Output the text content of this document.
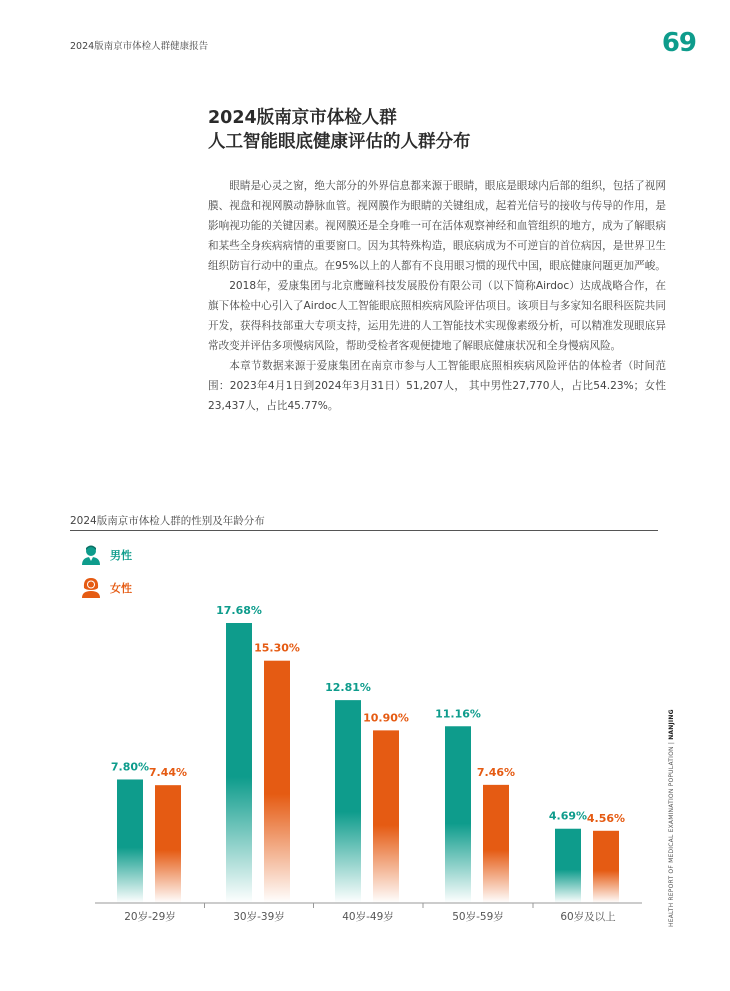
2024版南京市体检人群健康报告	69
2024版南京市体检人群
人工智能眼底健康评估的人群分布

眼睛是心灵之窗，绝大部分的外界信息都来源于眼睛，眼底是眼球内后部的组织，包括了视网膜、视盘和视网膜动静脉血管。视网膜作为眼睛的关键组成，起着光信号的接收与传导的作用，是影响视功能的关键因素。视网膜还是全身唯一可在活体观察神经和血管组织的地方，成为了解眼病和某些全身疾病病情的重要窗口。因为其特殊构造，眼底病成为不可逆盲的首位病因，是世界卫生组织防盲行动中的重点。在95%以上的人都有不良用眼习惯的现代中国，眼底健康问题更加严峻。

2018年，爱康集团与北京鹰瞳科技发展股份有限公司（以下简称Airdoc）达成战略合作，在旗下体检中心引入了Airdoc人工智能眼底照相疾病风险评估项目。该项目与多家知名眼科医院共同开发，获得科技部重大专项支持，运用先进的人工智能技术实现像素级分析，可以精准发现眼底异常改变并评估多项慢病风险，帮助受检者客观便捷地了解眼底健康状况和全身慢病风险。

本章节数据来源于爱康集团在南京市参与人工智能眼底照相疾病风险评估的体检者（时间范围：2023年4月1日到2024年3月31日）51,207人， 其中男性27,770人，占比54.23%；女性23,437人，占比45.77%。

2024版南京市体检人群的性别及年龄分布
男性
女性
7.80% 7.44%
17.68%
15.30%
12.81%
10.90% 11.16%
7.46%
4.69% 4.56%
20岁-29岁	30岁-39岁	40岁-49岁	50岁-59岁	60岁及以上	HEALTH REPORT OF MEDICAL EXAMINATION POPULATION | NANJING
